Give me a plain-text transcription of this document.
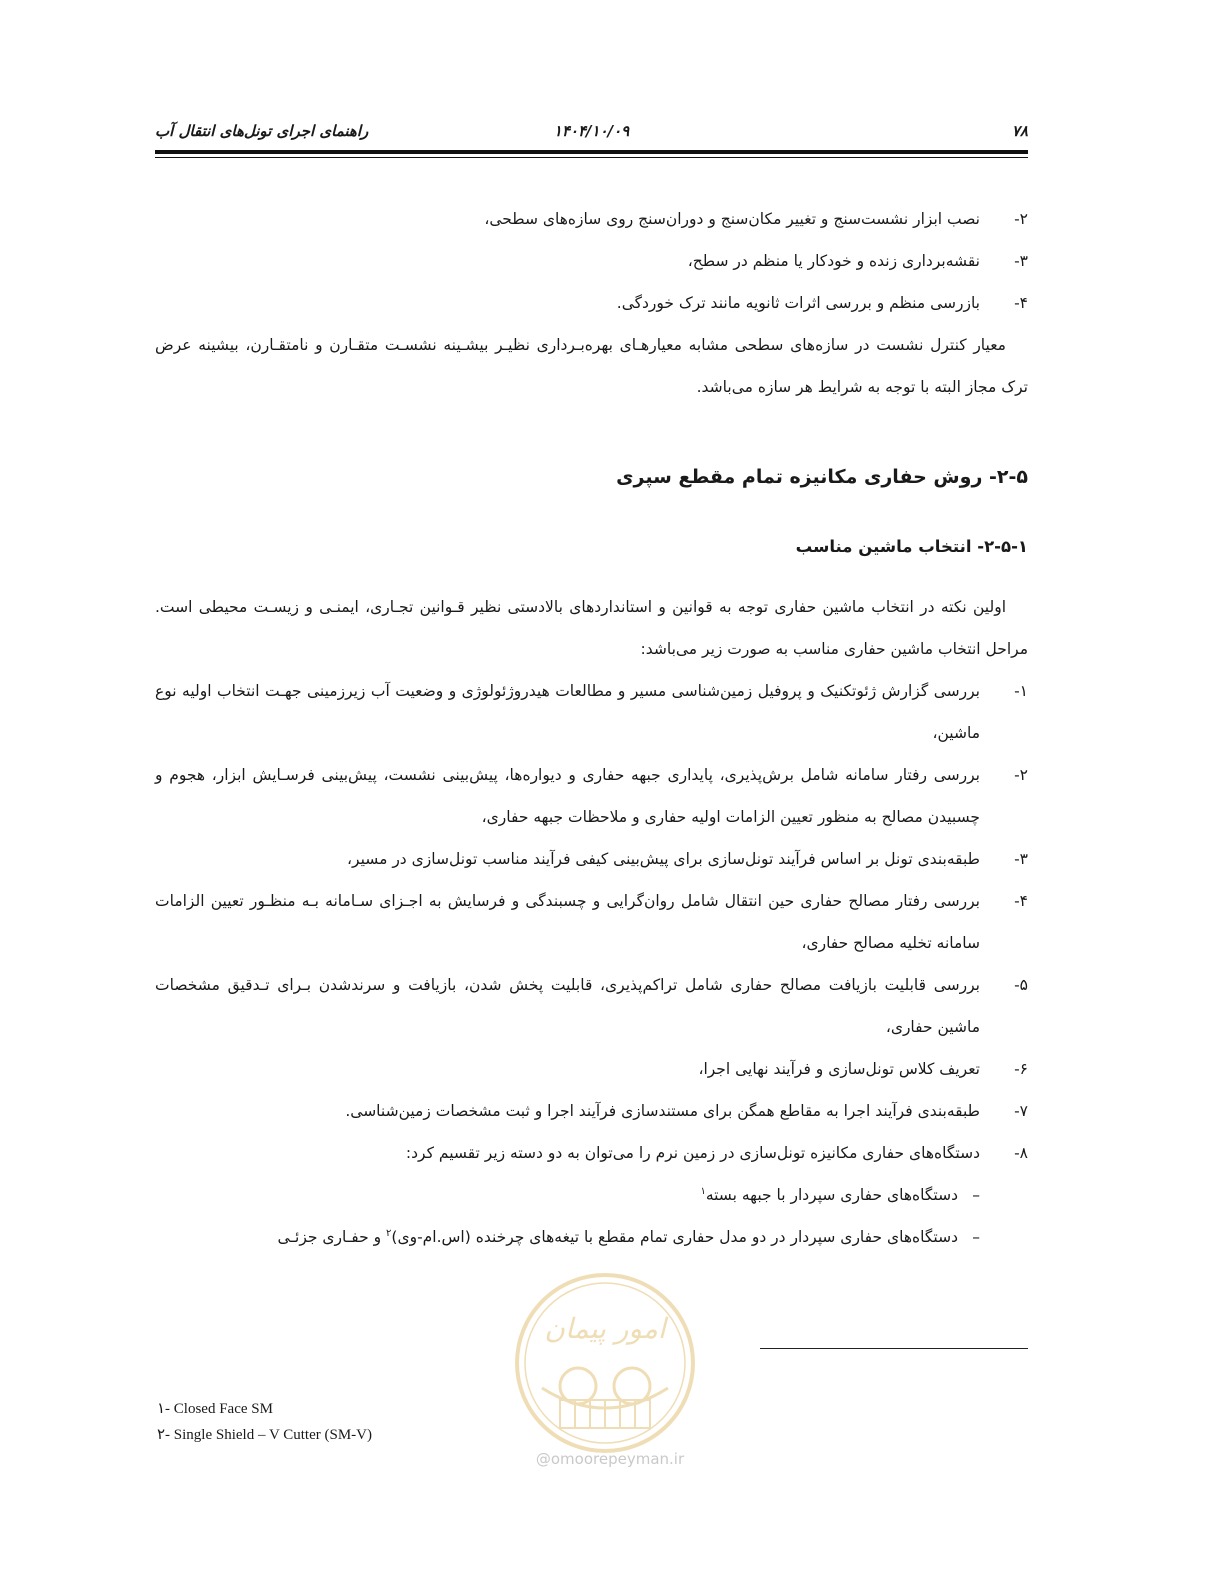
۷۸
۱۴۰۴/۱۰/۰۹
راهنمای اجرای تونل‌های انتقال آب
۲-
نصب ابزار نشست‌سنج و تغییر مکان‌سنج و دوران‌سنج روی سازه‌های سطحی،
۳-
نقشه‌برداری زنده و خودکار یا منظم در سطح،
۴-
بازرسی منظم و بررسی اثرات ثانویه مانند ترک خوردگی.

معیار کنترل نشست در سازه‌های سطحی مشابه معیارهـای بهره‌بـرداری نظیـر بیشـینه نشسـت متقـارن و نامتقـارن، بیشینه عرض ترک مجاز البته با توجه به شرایط هر سازه می‌باشد.

۲-۵- روش حفاری مکانیزه تمام مقطع سپری
۲-۵-۱- انتخاب ماشین مناسب

اولین نکته در انتخاب ماشین حفاری توجه به قوانین و استانداردهای بالادستی نظیر قـوانین تجـاری، ایمنـی و زیسـت محیطی است. مراحل انتخاب ماشین حفاری مناسب به صورت زیر می‌باشد:

۱-
بررسی گزارش ژئوتکنیک و پروفیل زمین‌شناسی مسیر و مطالعات هیدروژئولوژی و وضعیت آب زیرزمینی جهـت انتخاب اولیه نوع ماشین،
۲-
بررسی رفتار سامانه شامل برش‌پذیری، پایداری جبهه حفاری و دیواره‌ها، پیش‌بینی نشست، پیش‌بینی فرسـایش ابزار، هجوم و چسبیدن مصالح به منظور تعیین الزامات اولیه حفاری و ملاحظات جبهه حفاری،
۳-
طبقه‌بندی تونل بر اساس فرآیند تونل‌سازی برای پیش‌بینی کیفی فرآیند مناسب تونل‌سازی در مسیر،
۴-
بررسی رفتار مصالح حفاری حین انتقال شامل روان‌گرایی و چسبندگی و فرسایش به اجـزای سـامانه بـه منظـور تعیین الزامات سامانه تخلیه مصالح حفاری،
۵-
بررسی قابلیت بازیافت مصالح حفاری شامل تراکم‌پذیری، قابلیت پخش شدن، بازیافت و سرندشدن بـرای تـدقیق مشخصات ماشین حفاری،
۶-
تعریف کلاس تونل‌سازی و فرآیند نهایی اجرا،
۷-
طبقه‌بندی فرآیند اجرا به مقاطع همگن برای مستندسازی فرآیند اجرا و ثبت مشخصات زمین‌شناسی.
۸-
دستگاه‌های حفاری مکانیزه تونل‌سازی در زمین نرم را می‌توان به دو دسته زیر تقسیم کرد:
–
دستگاه‌های حفاری سپردار با جبهه بسته$^۱$
–
دستگاه‌های حفاری سپردار در دو مدل حفاری تمام مقطع با تیغه‌های چرخنده (اس.ام-وی)$^۲$ و حفـاری جزئـی
امور پیمان
@omoorepeyman.ir
۱- Closed Face SM
۲- Single Shield – V Cutter (SM-V)
